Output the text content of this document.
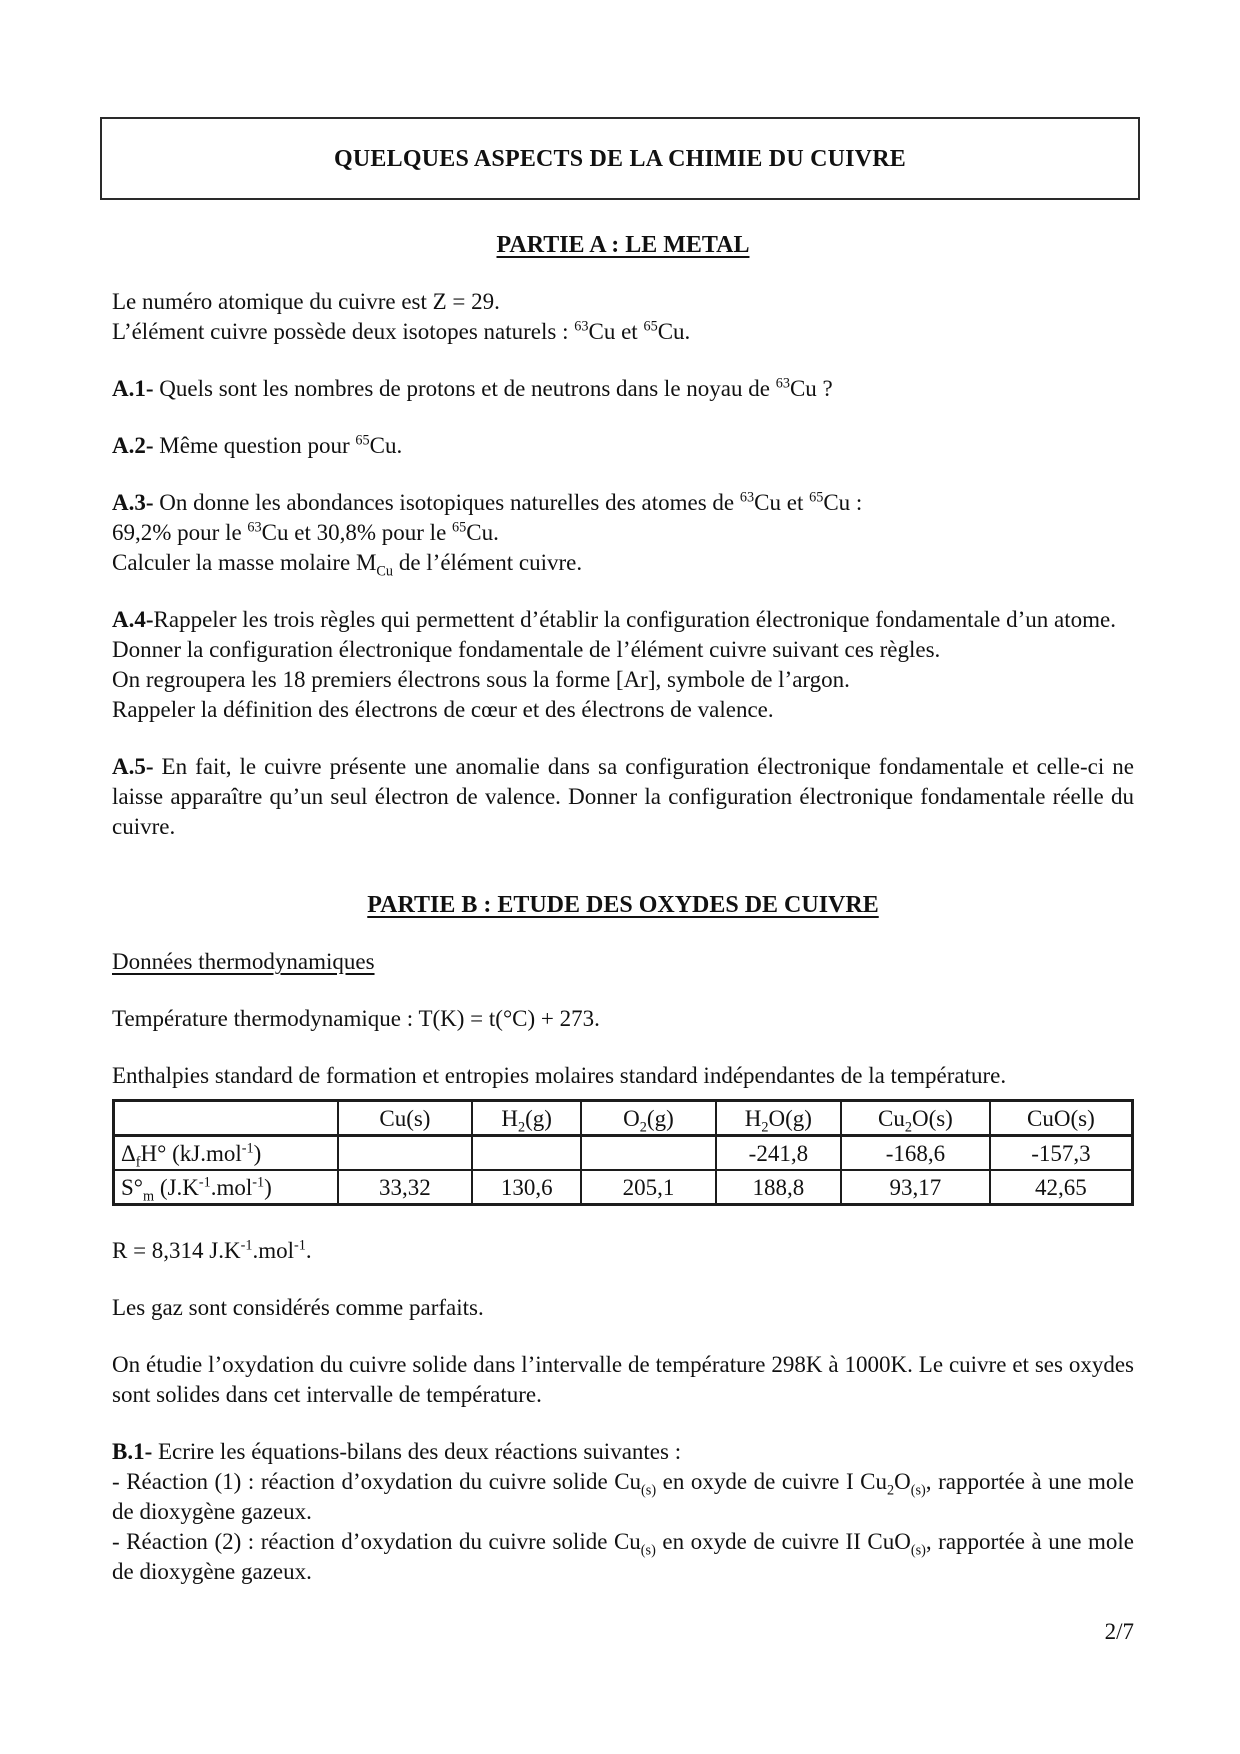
QUELQUES ASPECTS DE LA CHIMIE DU CUIVRE
PARTIE A : LE METAL

Le numéro atomique du cuivre est Z = 29.
L’élément cuivre possède deux isotopes naturels : $^{63}$Cu et $^{65}$Cu.

A.1- Quels sont les nombres de protons et de neutrons dans le noyau de $^{63}$Cu ?

A.2- Même question pour $^{65}$Cu.

A.3- On donne les abondances isotopiques naturelles des atomes de $^{63}$Cu et $^{65}$Cu :
69,2% pour le $^{63}$Cu et 30,8% pour le $^{65}$Cu.
Calculer la masse molaire $M_{Cu}$ de l’élément cuivre.

A.4-Rappeler les trois règles qui permettent d’établir la configuration électronique fondamentale d’un atome.
Donner la configuration électronique fondamentale de l’élément cuivre suivant ces règles.
On regroupera les 18 premiers électrons sous la forme [Ar], symbole de l’argon.
Rappeler la définition des électrons de cœur et des électrons de valence.

A.5- En fait, le cuivre présente une anomalie dans sa configuration électronique fondamentale et celle-ci ne laisse apparaître qu’un seul électron de valence. Donner la configuration électronique fondamentale réelle du cuivre.

PARTIE B : ETUDE DES OXYDES DE CUIVRE

Données thermodynamiques

Température thermodynamique : T(K) = t(°C) + 273.

Enthalpies standard de formation et entropies molaires standard indépendantes de la température.

	Cu(s)	$H_2(g)$	$O_2(g)$	$H_2O(g)$	$Cu_2O(s)$	CuO(s)
$\Delta_fH^\circ$ (kJ.mol$^{-1}$)				-241,8	-168,6	-157,3
$S^\circ_m$ $(J.K^{-1}.mol^{-1})$	33,32	130,6	205,1	188,8	93,17	42,65

R = 8,314 $J.K^{-1}.mol^{-1}$.

Les gaz sont considérés comme parfaits.

On étudie l’oxydation du cuivre solide dans l’intervalle de température 298K à 1000K. Le cuivre et ses oxydes sont solides dans cet intervalle de température.

B.1- Ecrire les équations-bilans des deux réactions suivantes :
- Réaction (1) : réaction d’oxydation du cuivre solide $Cu_{(s)}$ en oxyde de cuivre I $Cu_2O_{(s)}$, rapportée à une mole de dioxygène gazeux.
- Réaction (2) : réaction d’oxydation du cuivre solide $Cu_{(s)}$ en oxyde de cuivre II CuO$_{(s)}$, rapportée à une mole de dioxygène gazeux.

2/7
